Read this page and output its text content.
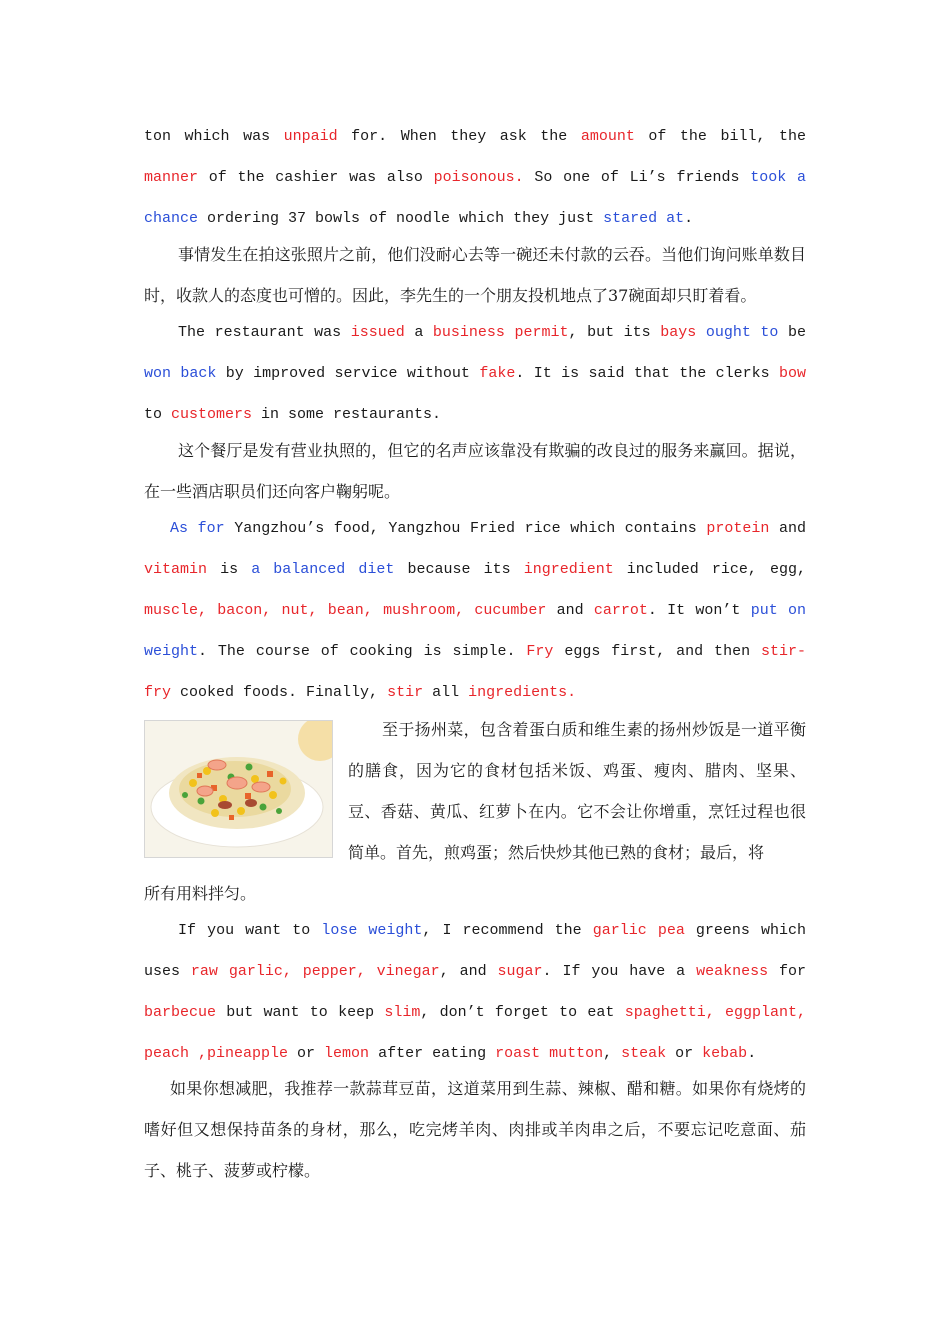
ton which was unpaid for. When they ask the amount of the bill, the manner of the cashier was also poisonous. So one of Li’s friends took a chance ordering 37 bowls of noodle which they just stared at.

事情发生在拍这张照片之前，他们没耐心去等一碗还未付款的云吞。当他们询问账单数目时，收款人的态度也可憎的。因此，李先生的一个朋友投机地点了37碗面却只盯着看。

The restaurant was issued a business permit, but its bays ought to be won back by improved service without fake. It is said that the clerks bow to customers in some restaurants.

这个餐厅是发有营业执照的，但它的名声应该靠没有欺骗的改良过的服务来赢回。据说，在一些酒店职员们还向客户鞠躬呢。

As for Yangzhou’s food, Yangzhou Fried rice which contains protein and vitamin is a balanced diet because its ingredient included rice, egg, muscle, bacon, nut, bean, mushroom, cucumber and carrot. It won’t put on weight. The course of cooking is simple. Fry eggs first, and then stir-fry cooked foods. Finally, stir all ingredients.

至于扬州菜，包含着蛋白质和维生素的扬州炒饭是一道平衡的膳食，因为它的食材包括米饭、鸡蛋、瘦肉、腊肉、坚果、豆、香菇、黄瓜、红萝卜在内。它不会让你增重，烹饪过程也很简单。首先，煎鸡蛋；然后快炒其他已熟的食材；最后，将

所有用料拌匀。

If you want to lose weight, I recommend the garlic pea greens which uses raw garlic, pepper, vinegar, and sugar. If you have a weakness for barbecue but want to keep slim, don’t forget to eat spaghetti, eggplant, peach ,pineapple or lemon after eating roast mutton, steak or kebab.

如果你想减肥，我推荐一款蒜茸豆苗，这道菜用到生蒜、辣椒、醋和糖。如果你有烧烤的嗜好但又想保持苗条的身材，那么，吃完烤羊肉、肉排或羊肉串之后，不要忘记吃意面、茄子、桃子、菠萝或柠檬。
